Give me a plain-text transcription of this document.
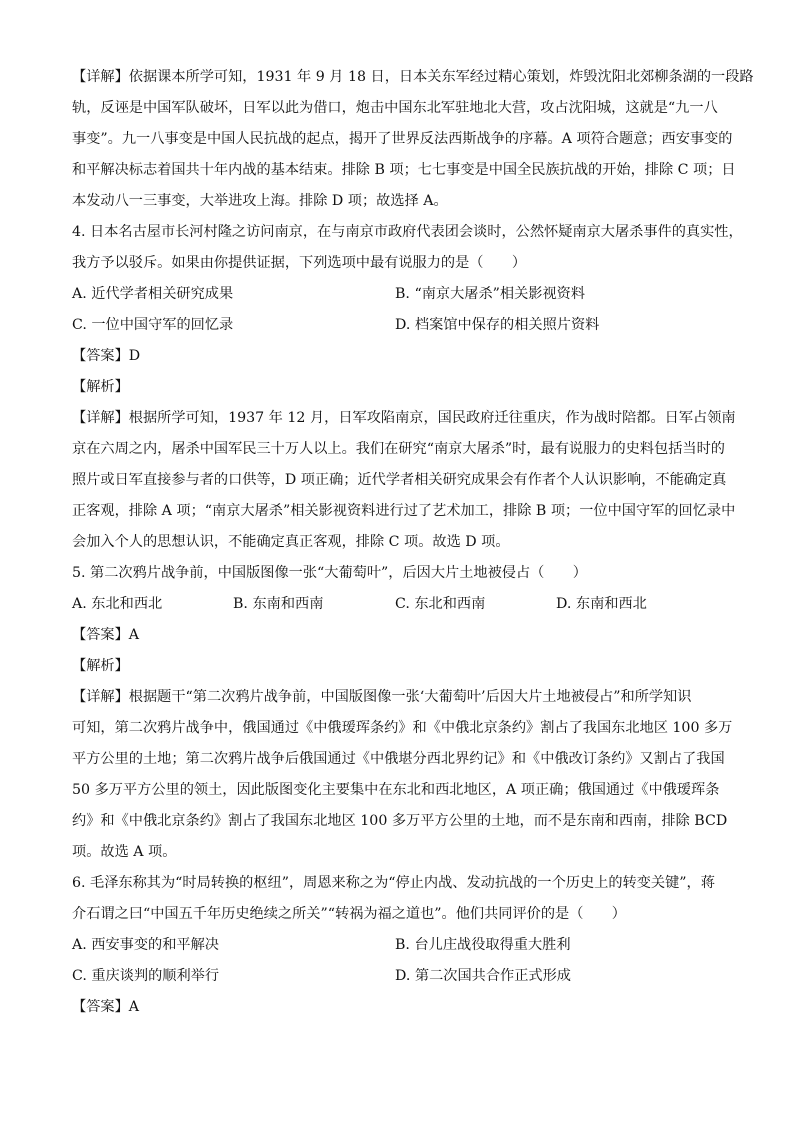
【详解】依据课本所学可知，1931 年 9 月 18 日，日本关东军经过精心策划，炸毁沈阳北郊柳条湖的一段路
轨，反诬是中国军队破坏，日军以此为借口，炮击中国东北军驻地北大营，攻占沈阳城，这就是“九一八
事变”。九一八事变是中国人民抗战的起点，揭开了世界反法西斯战争的序幕。A 项符合题意；西安事变的
和平解决标志着国共十年内战的基本结束。排除 B 项；七七事变是中国全民族抗战的开始，排除 C 项；日
本发动八一三事变，大举进攻上海。排除 D 项；故选择 A。
4. 日本名古屋市长河村隆之访问南京，在与南京市政府代表团会谈时，公然怀疑南京大屠杀事件的真实性，
我方予以驳斥。如果由你提供证据，下列选项中最有说服力的是（　　）
A. 近代学者相关研究成果	B. “南京大屠杀”相关影视资料
C. 一位中国守军的回忆录	D. 档案馆中保存的相关照片资料
【答案】D
【解析】
【详解】根据所学可知，1937 年 12 月，日军攻陷南京，国民政府迁往重庆，作为战时陪都。日军占领南
京在六周之内，屠杀中国军民三十万人以上。我们在研究“南京大屠杀”时，最有说服力的史料包括当时的
照片或日军直接参与者的口供等，D 项正确；近代学者相关研究成果会有作者个人认识影响，不能确定真
正客观，排除 A 项；“南京大屠杀”相关影视资料进行过了艺术加工，排除 B 项；一位中国守军的回忆录中
会加入个人的思想认识，不能确定真正客观，排除 C 项。故选 D 项。
5. 第二次鸦片战争前，中国版图像一张“大葡萄叶”，后因大片土地被侵占（　　）
A. 东北和西北	B. 东南和西南	C. 东北和西南	D. 东南和西北
【答案】A
【解析】
【详解】根据题干“第二次鸦片战争前，中国版图像一张‘大葡萄叶’后因大片土地被侵占”和所学知识
可知，第二次鸦片战争中，俄国通过《中俄瑷珲条约》和《中俄北京条约》割占了我国东北地区 100 多万
平方公里的土地；第二次鸦片战争后俄国通过《中俄堪分西北界约记》和《中俄改订条约》又割占了我国
50 多万平方公里的领土，因此版图变化主要集中在东北和西北地区，A 项正确；俄国通过《中俄瑷珲条
约》和《中俄北京条约》割占了我国东北地区 100 多万平方公里的土地，而不是东南和西南，排除 BCD
项。故选 A 项。
6. 毛泽东称其为“时局转换的枢纽”，周恩来称之为“停止内战、发动抗战的一个历史上的转变关键”，蒋
介石谓之曰“中国五千年历史绝续之所关”“转祸为福之道也”。他们共同评价的是（　　）
A. 西安事变的和平解决	B. 台儿庄战役取得重大胜利
C. 重庆谈判的顺利举行	D. 第二次国共合作正式形成
【答案】A
